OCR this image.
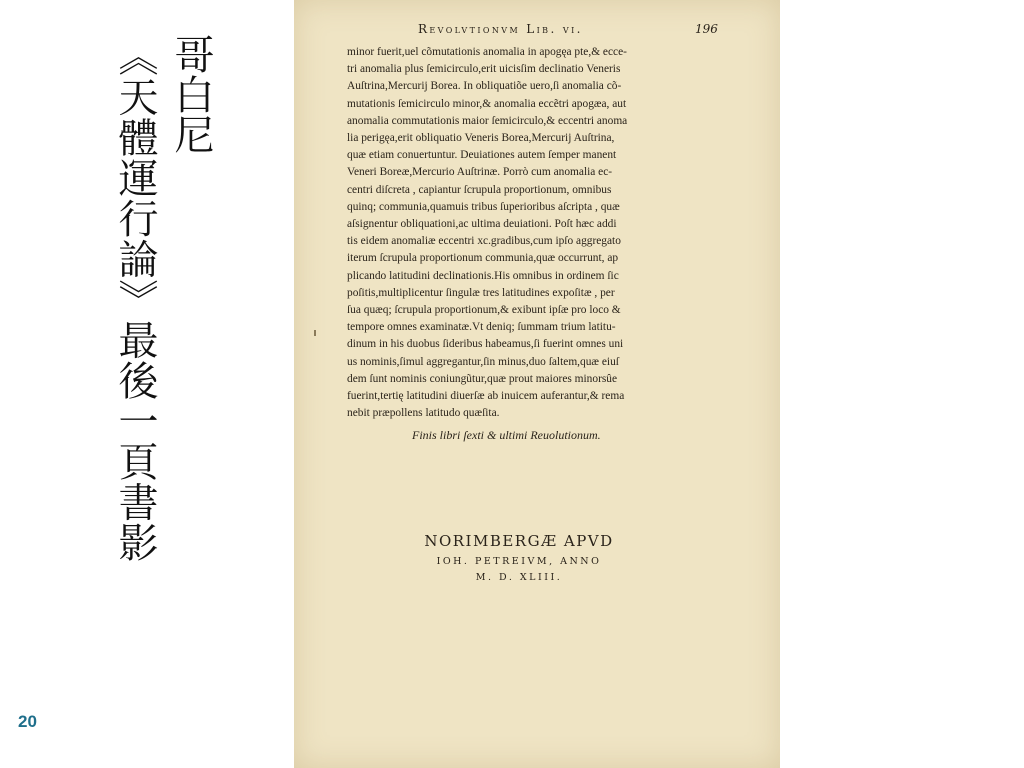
哥白尼
《天體運行論》最後一頁書影
20
Revolvtionvm Lib. vi.	196
minor fuerit,uel cõmutationis anomalia in apogęa pte,& ecce-
tri anomalia plus ſemicirculo,erit uicisſim declinatio Veneris
Auſtrina,Mercurij Borea. In obliquatiõe uero,ſi anomalia cõ-
mutationis ſemicirculo minor,& anomalia eccẽtri apogæa, aut
anomalia commutationis maior ſemicirculo,& eccentri anoma
lia perigęa,erit obliquatio Veneris Borea,Mercurij Auſtrina,
quæ etiam conuertuntur. Deuiationes autem ſemper manent
Veneri Boreæ,Mercurio Auſtrinæ. Porrò cum anomalia ec-
centri diſcreta , capiantur ſcrupula proportionum, omnibus
quinq; communia,quamuis tribus ſuperioribus aſcripta , quæ
aſsignentur obliquationi,ac ultima deuiationi. Poſt hæc addi
tis eidem anomaliæ eccentri xc.gradibus,cum ipſo aggregato
iterum ſcrupula proportionum communia,quæ occurrunt, ap
plicando latitudini declinationis.His omnibus in ordinem ſic
poſitis,multiplicentur ſingulæ tres latitudines expoſitæ , per
ſua quæq; ſcrupula proportionum,& exibunt ipſæ pro loco &
tempore omnes examinatæ.Vt deniq; ſummam trium latitu-
dinum in his duobus ſideribus habeamus,ſi fuerint omnes uni
us nominis,ſimul aggregantur,ſin minus,duo ſaltem,quæ eiuſ
dem ſunt nominis coniungũtur,quæ prout maiores minorsûe
fuerint,tertię latitudini diuerſæ ab inuicem auferantur,& rema
nebit præpollens latitudo quæſita.
Finis libri ſexti & ultimi Reuolutionum.
NORIMBERGÆ APVD
IOH. PETREIVM, ANNO
M. D. XLIII.
